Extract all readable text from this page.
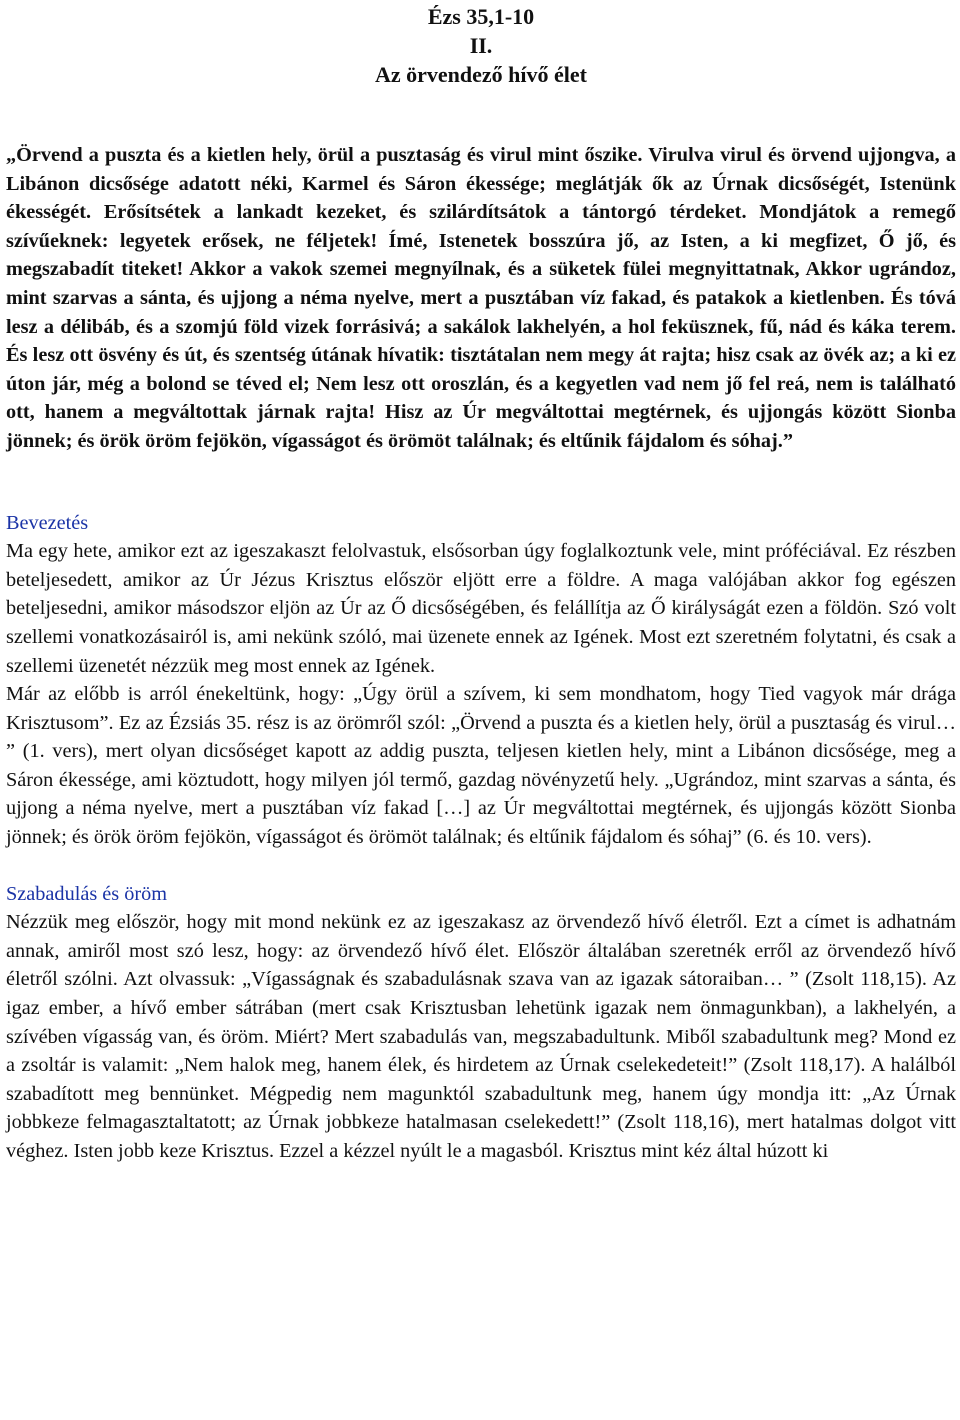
Ézs 35,1-10
II.
Az örvendező hívő élet
„Örvend a puszta és a kietlen hely, örül a pusztaság és virul mint őszike. Virulva virul és örvend ujjongva, a Libánon dicsősége adatott néki, Karmel és Sáron ékessége; meglátják ők az Úrnak dicsőségét, Istenünk ékességét. Erősítsétek a lankadt kezeket, és szilárdítsátok a tántorgó térdeket. Mondjátok a remegő szívűeknek: legyetek erősek, ne féljetek! Ímé, Istenetek bosszúra jő, az Isten, a ki megfizet, Ő jő, és megszabadít titeket! Akkor a vakok szemei megnyílnak, és a süketek fülei megnyittatnak, Akkor ugrándoz, mint szarvas a sánta, és ujjong a néma nyelve, mert a pusztában víz fakad, és patakok a kietlenben. És tóvá lesz a délibáb, és a szomjú föld vizek forrásivá; a sakálok lakhelyén, a hol feküsznek, fű, nád és káka terem. És lesz ott ösvény és út, és szentség útának hívatik: tisztátalan nem megy át rajta; hisz csak az övék az; a ki ez úton jár, még a bolond se téved el; Nem lesz ott oroszlán, és a kegyetlen vad nem jő fel reá, nem is található ott, hanem a megváltottak járnak rajta! Hisz az Úr megváltottai megtérnek, és ujjongás között Sionba jönnek; és örök öröm fejökön, vígasságot és örömöt találnak; és eltűnik fájdalom és sóhaj.”
Bevezetés

Ma egy hete, amikor ezt az igeszakaszt felolvastuk, elsősorban úgy foglalkoztunk vele, mint próféciával. Ez részben beteljesedett, amikor az Úr Jézus Krisztus először eljött erre a földre. A maga valójában akkor fog egészen beteljesedni, amikor másodszor eljön az Úr az Ő dicsőségében, és felállítja az Ő királyságát ezen a földön. Szó volt szellemi vonatkozásairól is, ami nekünk szóló, mai üzenete ennek az Igének. Most ezt szeretném folytatni, és csak a szellemi üzenetét nézzük meg most ennek az Igének.

Már az előbb is arról énekeltünk, hogy: „Úgy örül a szívem, ki sem mondhatom, hogy Tied vagyok már drága Krisztusom”. Ez az Ézsiás 35. rész is az örömről szól: „Örvend a puszta és a kietlen hely, örül a pusztaság és virul… ” (1. vers), mert olyan dicsőséget kapott az addig puszta, teljesen kietlen hely, mint a Libánon dicsősége, meg a Sáron ékessége, ami köztudott, hogy milyen jól termő, gazdag növényzetű hely. „Ugrándoz, mint szarvas a sánta, és ujjong a néma nyelve, mert a pusztában víz fakad […] az Úr megváltottai megtérnek, és ujjongás között Sionba jönnek; és örök öröm fejökön, vígasságot és örömöt találnak; és eltűnik fájdalom és sóhaj” (6. és 10. vers).

Szabadulás és öröm

Nézzük meg először, hogy mit mond nekünk ez az igeszakasz az örvendező hívő életről. Ezt a címet is adhatnám annak, amiről most szó lesz, hogy: az örvendező hívő élet. Először általában szeretnék erről az örvendező hívő életről szólni. Azt olvassuk: „Vígasságnak és szabadulásnak szava van az igazak sátoraiban… ” (Zsolt 118,15). Az igaz ember, a hívő ember sátrában (mert csak Krisztusban lehetünk igazak nem önmagunkban), a lakhelyén, a szívében vígasság van, és öröm. Miért? Mert szabadulás van, megszabadultunk. Miből szabadultunk meg? Mond ez a zsoltár is valamit: „Nem halok meg, hanem élek, és hirdetem az Úrnak cselekedeteit!” (Zsolt 118,17). A halálból szabadított meg bennünket. Mégpedig nem magunktól szabadultunk meg, hanem úgy mondja itt: „Az Úrnak jobbkeze felmagasztaltatott; az Úrnak jobbkeze hatalmasan cselekedett!” (Zsolt 118,16), mert hatalmas dolgot vitt véghez. Isten jobb keze Krisztus. Ezzel a kézzel nyúlt le a magasból. Krisztus mint kéz által húzott ki
